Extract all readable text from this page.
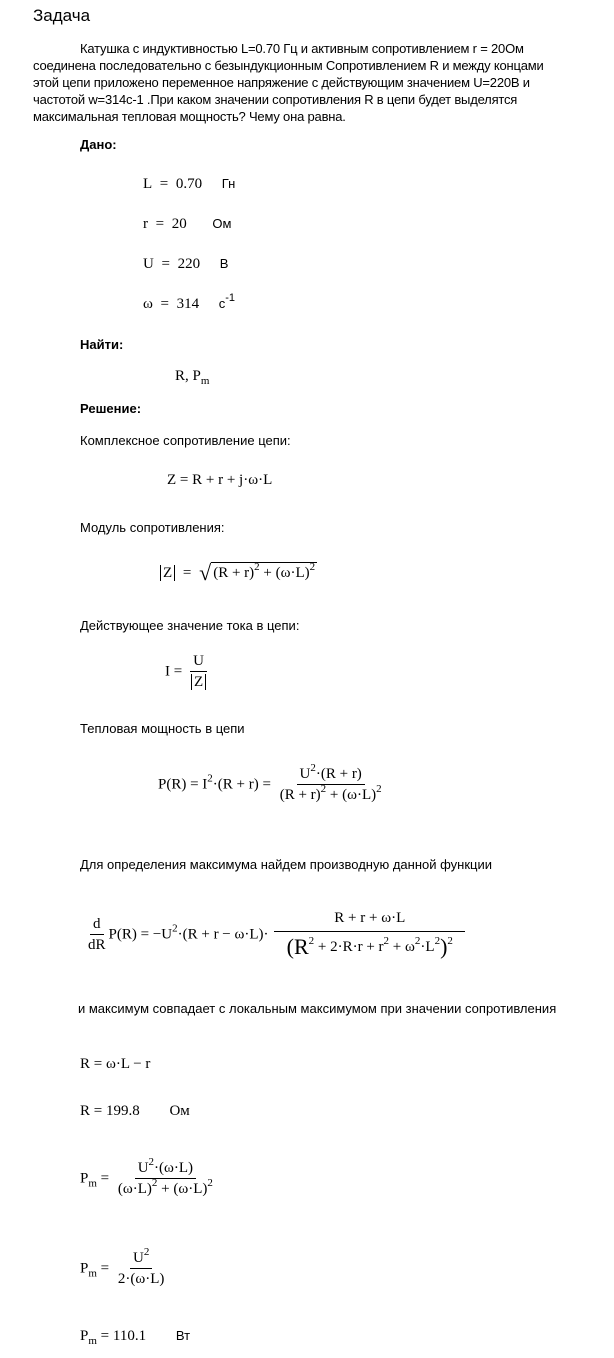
Задача
Катушка с индуктивностью L=0.70 Гц и активным сопротивлением r = 20Ом
соединена последовательно с безындукционным Сопротивлением R и между концами
этой цепи приложено переменное напряжение с действующим значением U=220В и
частотой w=314c-1 .При каком значении сопротивления R в цепи будет выделятся
максимальная тепловая мощность? Чему она равна.
Дано:
L = 0.70 Гн
r = 20 Ом
U = 220 В
ω = 314 $c^{-1}$
Найти:
R, $P_m$
Решение:
Комплексное сопротивление цепи:
Z = R + r + j·ω·L
Модуль сопротивления:
Z = √ $(R + r)^2 + (\omega\cdot L)^2$
Действующее значение тока в цепи:
$I = \frac{U}{Z}$
Тепловая мощность в цепи
$P(R) = I^2\cdot(R + r) = \frac{U^2\cdot(R + r)}{(R + r)^2 + (\omega\cdot L)^2}$
Для определения максимума найдем производную данной функции
$\frac{d}{dR} P(R) = -U^2\cdot(R + r - \omega\cdot L)\cdot \frac{R + r + \omega\cdot L}{(R^2 + 2\cdot R\cdot r + r^2 + \omega^2\cdot L^2)^2}$
и максимум совпадает с локальным максимумом при значении сопротивления
R = ω·L − r
R = 199.8 Ом
$P_m = \frac{U^2\cdot(\omega\cdot L)}{(\omega\cdot L)^2 + (\omega\cdot L)^2}$
$P_m = \frac{U^2}{2\cdot(\omega\cdot L)}$
$P_m = 110.1$ Вт
